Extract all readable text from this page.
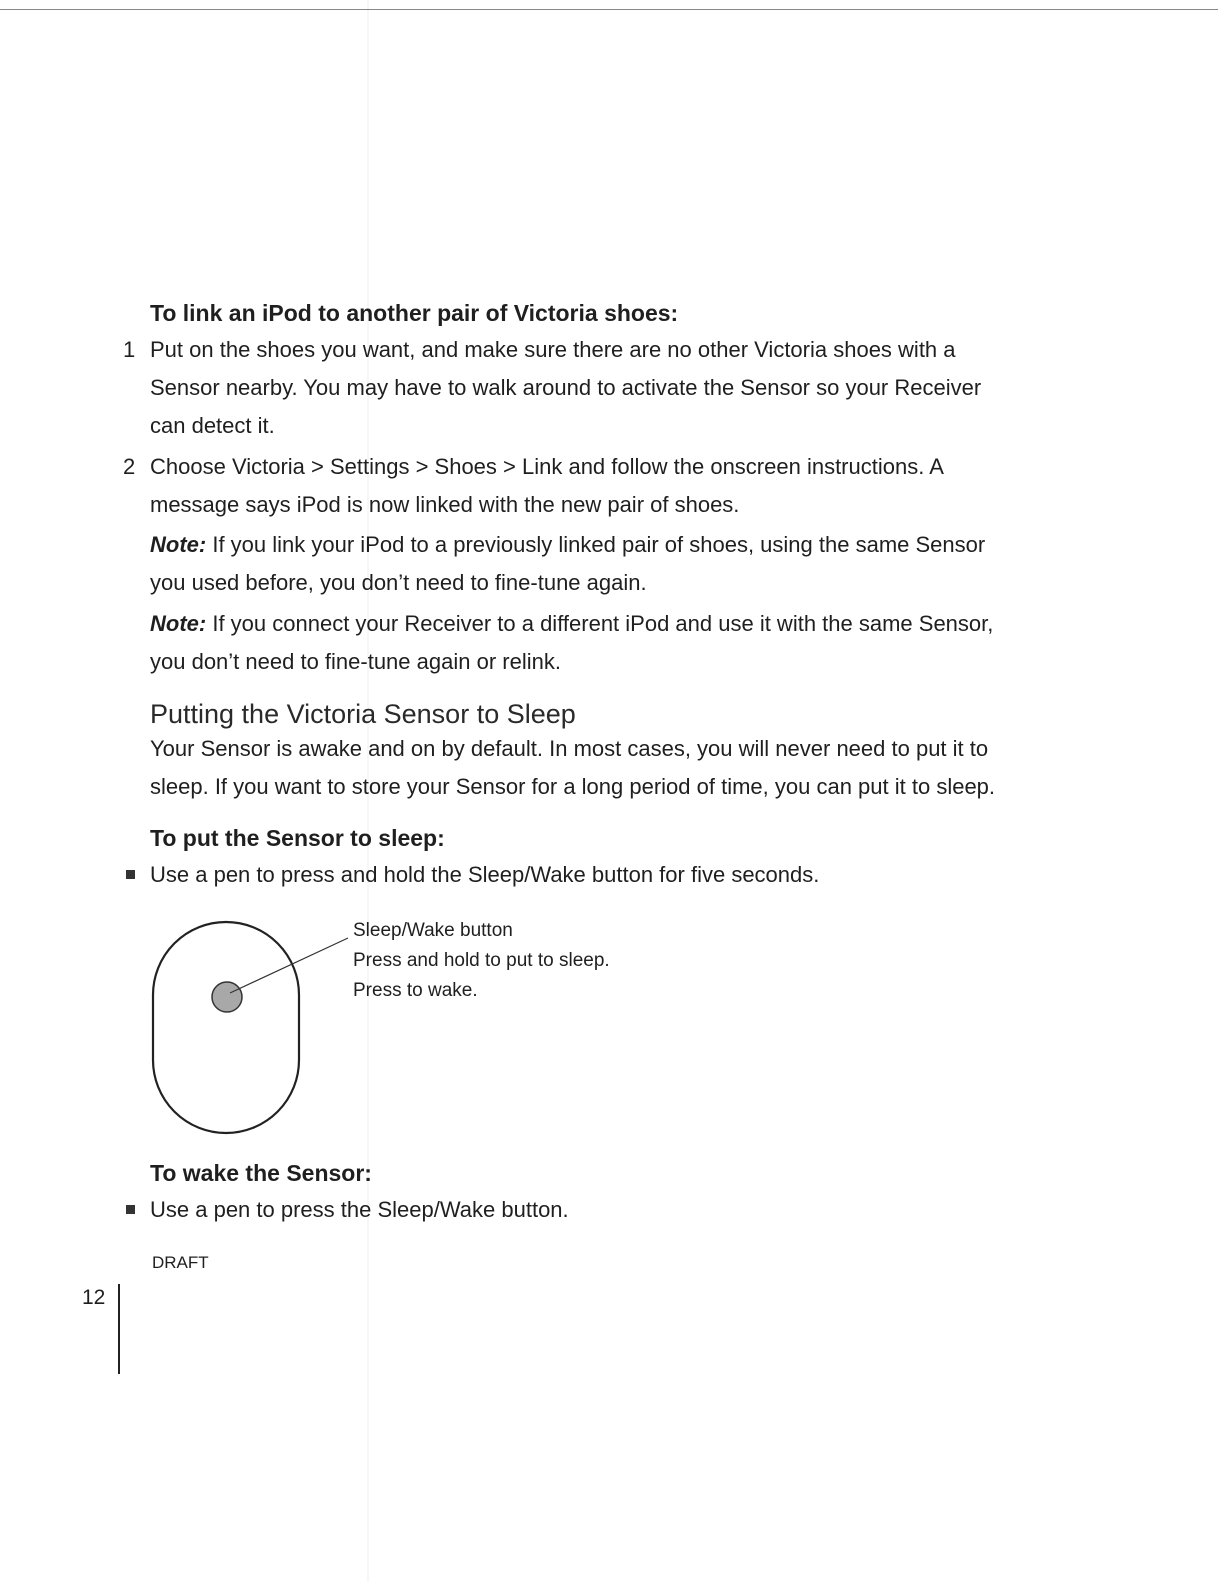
To link an iPod to another pair of Victoria shoes:

1 Put on the shoes you want, and make sure there are no other Victoria shoes with a
Sensor nearby. You may have to walk around to activate the Sensor so your Receiver
can detect it.
2 Choose Victoria > Settings > Shoes > Link and follow the onscreen instructions. A
message says iPod is now linked with the new pair of shoes.
Note: If you link your iPod to a previously linked pair of shoes, using the same Sensor
you used before, you don’t need to fine-tune again.
Note: If you connect your Receiver to a different iPod and use it with the same Sensor,
you don’t need to fine-tune again or relink.

Putting the Victoria Sensor to Sleep

Your Sensor is awake and on by default. In most cases, you will never need to put it to
sleep. If you want to store your Sensor for a long period of time, you can put it to sleep.

To put the Sensor to sleep:

Use a pen to press and hold the Sleep/Wake button for five seconds.
Sleep/Wake button
Press and hold to put to sleep.
Press to wake.

To wake the Sensor:

Use a pen to press the Sleep/Wake button.

DRAFT

12
